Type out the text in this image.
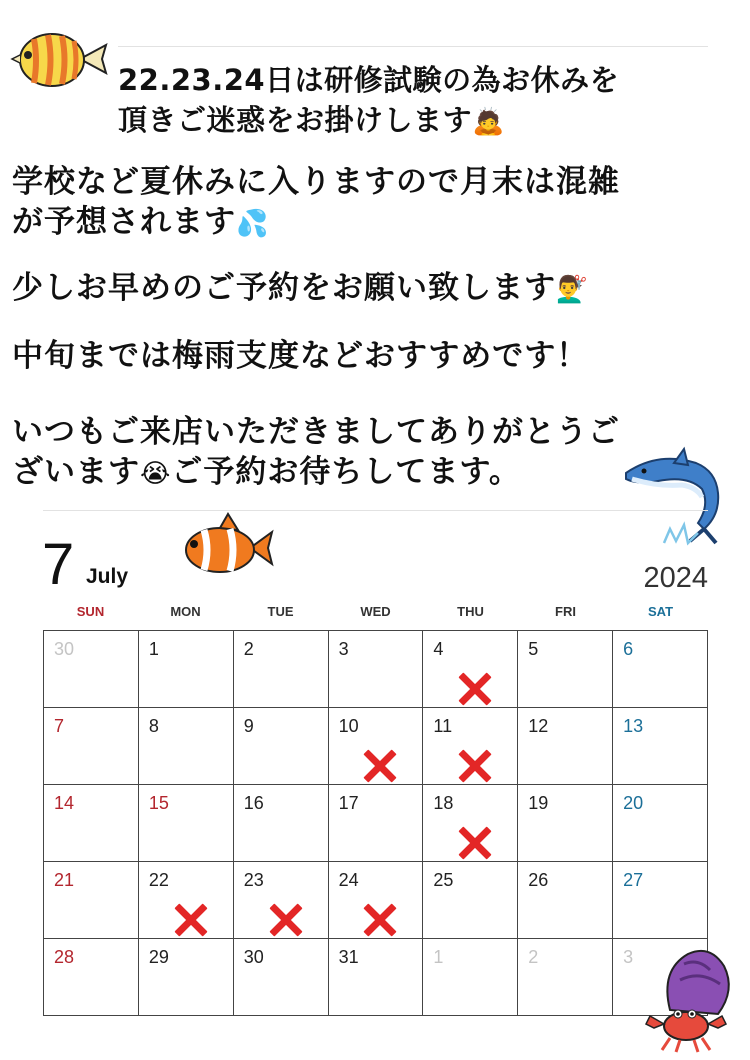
22.23.24日は研修試験の為お休みを
頂きご迷惑をお掛けします🙇
学校など夏休みに入りますので月末は混雑
が予想されます💦
少しお早めのご予約をお願い致します💇‍♂️
中旬までは梅雨支度などおすすめです！
いつもご来店いただきましてありがとうご
ざいます😭ご予約お待ちしてます。
7 July	2024
SUN	MON	TUE	WED	THU	FRI	SAT
30	1	2	3	4	5	6
7	8	9	10	11	12	13
14	15	16	17	18	19	20
21	22	23	24	25	26	27
28	29	30	31	1	2	3
